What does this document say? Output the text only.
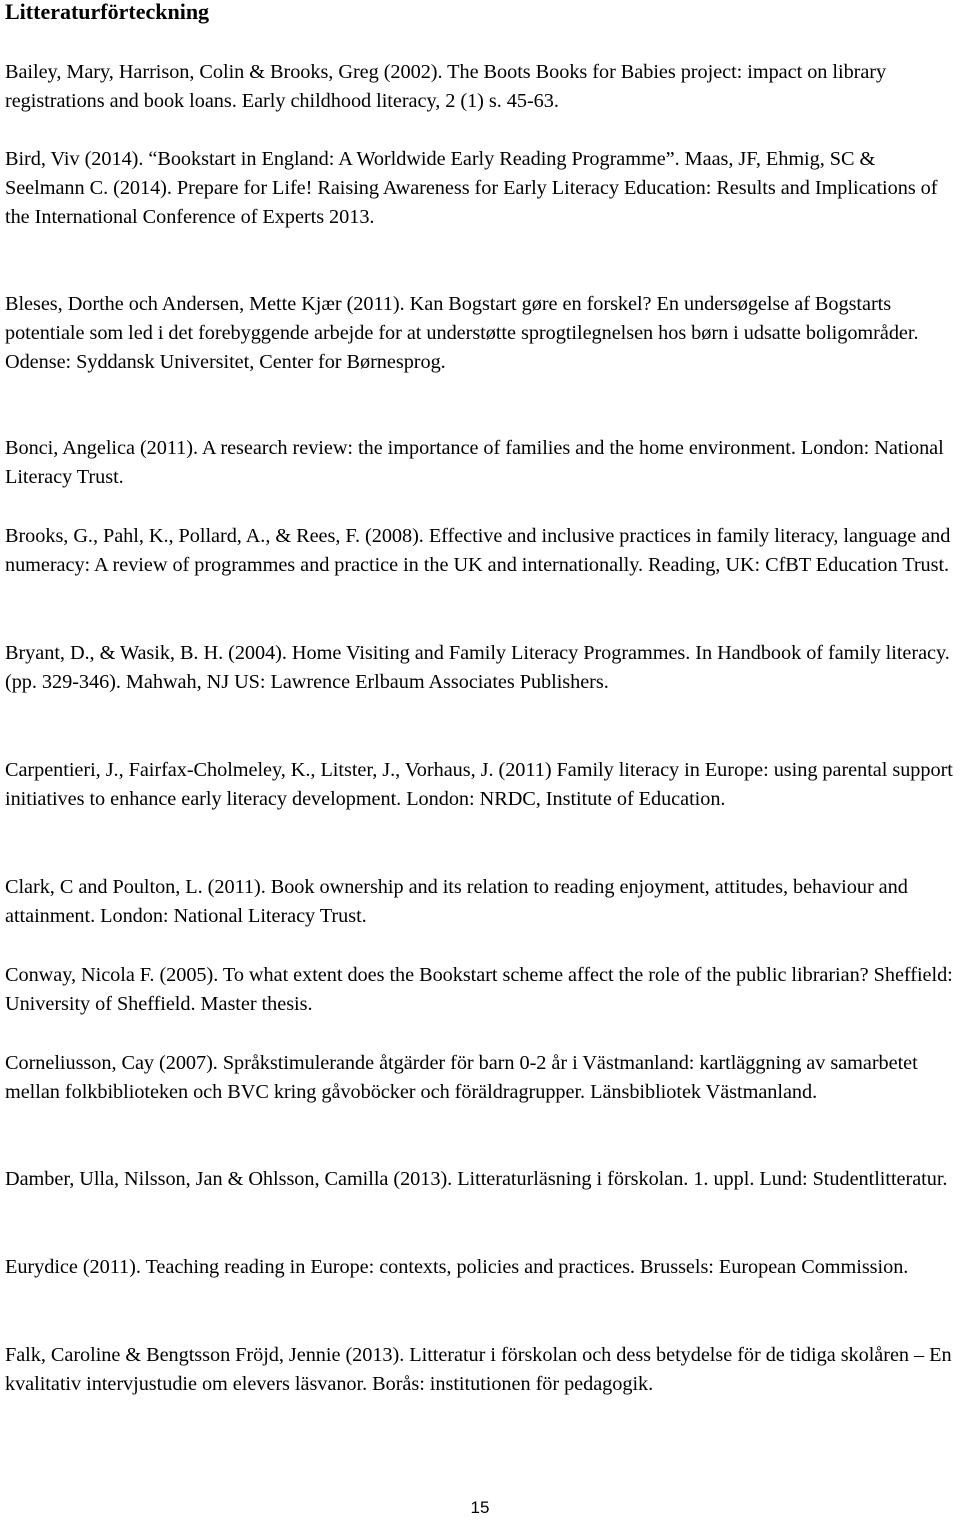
Litteraturförteckning
Bailey, Mary, Harrison, Colin & Brooks, Greg (2002). The Boots Books for Babies project: impact on library registrations and book loans. Early childhood literacy, 2 (1) s. 45-63.
Bird, Viv (2014). “Bookstart in England: A Worldwide Early Reading Programme”. Maas, JF, Ehmig, SC & Seelmann C. (2014). Prepare for Life! Raising Awareness for Early Literacy Education: Results and Implications of the International Conference of Experts 2013.
Bleses, Dorthe och Andersen, Mette Kjær (2011). Kan Bogstart gøre en forskel? En undersøgelse af Bogstarts potentiale som led i det forebyggende arbejde for at understøtte sprogtilegnelsen hos børn i udsatte boligområder. Odense: Syddansk Universitet, Center for Børnesprog.
Bonci, Angelica (2011). A research review: the importance of families and the home environment. London: National Literacy Trust.
Brooks, G., Pahl, K., Pollard, A., & Rees, F. (2008). Effective and inclusive practices in family literacy, language and numeracy: A review of programmes and practice in the UK and internationally. Reading, UK: CfBT Education Trust.
Bryant, D., & Wasik, B. H. (2004). Home Visiting and Family Literacy Programmes. In Handbook of family literacy. (pp. 329-346). Mahwah, NJ US: Lawrence Erlbaum Associates Publishers.
Carpentieri, J., Fairfax-Cholmeley, K., Litster, J., Vorhaus, J. (2011) Family literacy in Europe: using parental support initiatives to enhance early literacy development. London: NRDC, Institute of Education.
Clark, C and Poulton, L. (2011). Book ownership and its relation to reading enjoyment, attitudes, behaviour and attainment. London: National Literacy Trust.
Conway, Nicola F. (2005). To what extent does the Bookstart scheme affect the role of the public librarian? Sheffield: University of Sheffield. Master thesis.
Corneliusson, Cay (2007). Språkstimulerande åtgärder för barn 0-2 år i Västmanland: kartläggning av samarbetet mellan folkbiblioteken och BVC kring gåvoböcker och föräldragrupper. Länsbibliotek Västmanland.
Damber, Ulla, Nilsson, Jan & Ohlsson, Camilla (2013). Litteraturläsning i förskolan. 1. uppl. Lund: Studentlitteratur.
Eurydice (2011). Teaching reading in Europe: contexts, policies and practices. Brussels: European Commission.
Falk, Caroline & Bengtsson Fröjd, Jennie (2013). Litteratur i förskolan och dess betydelse för de tidiga skolåren – En kvalitativ intervjustudie om elevers läsvanor. Borås: institutionen för pedagogik.
15
